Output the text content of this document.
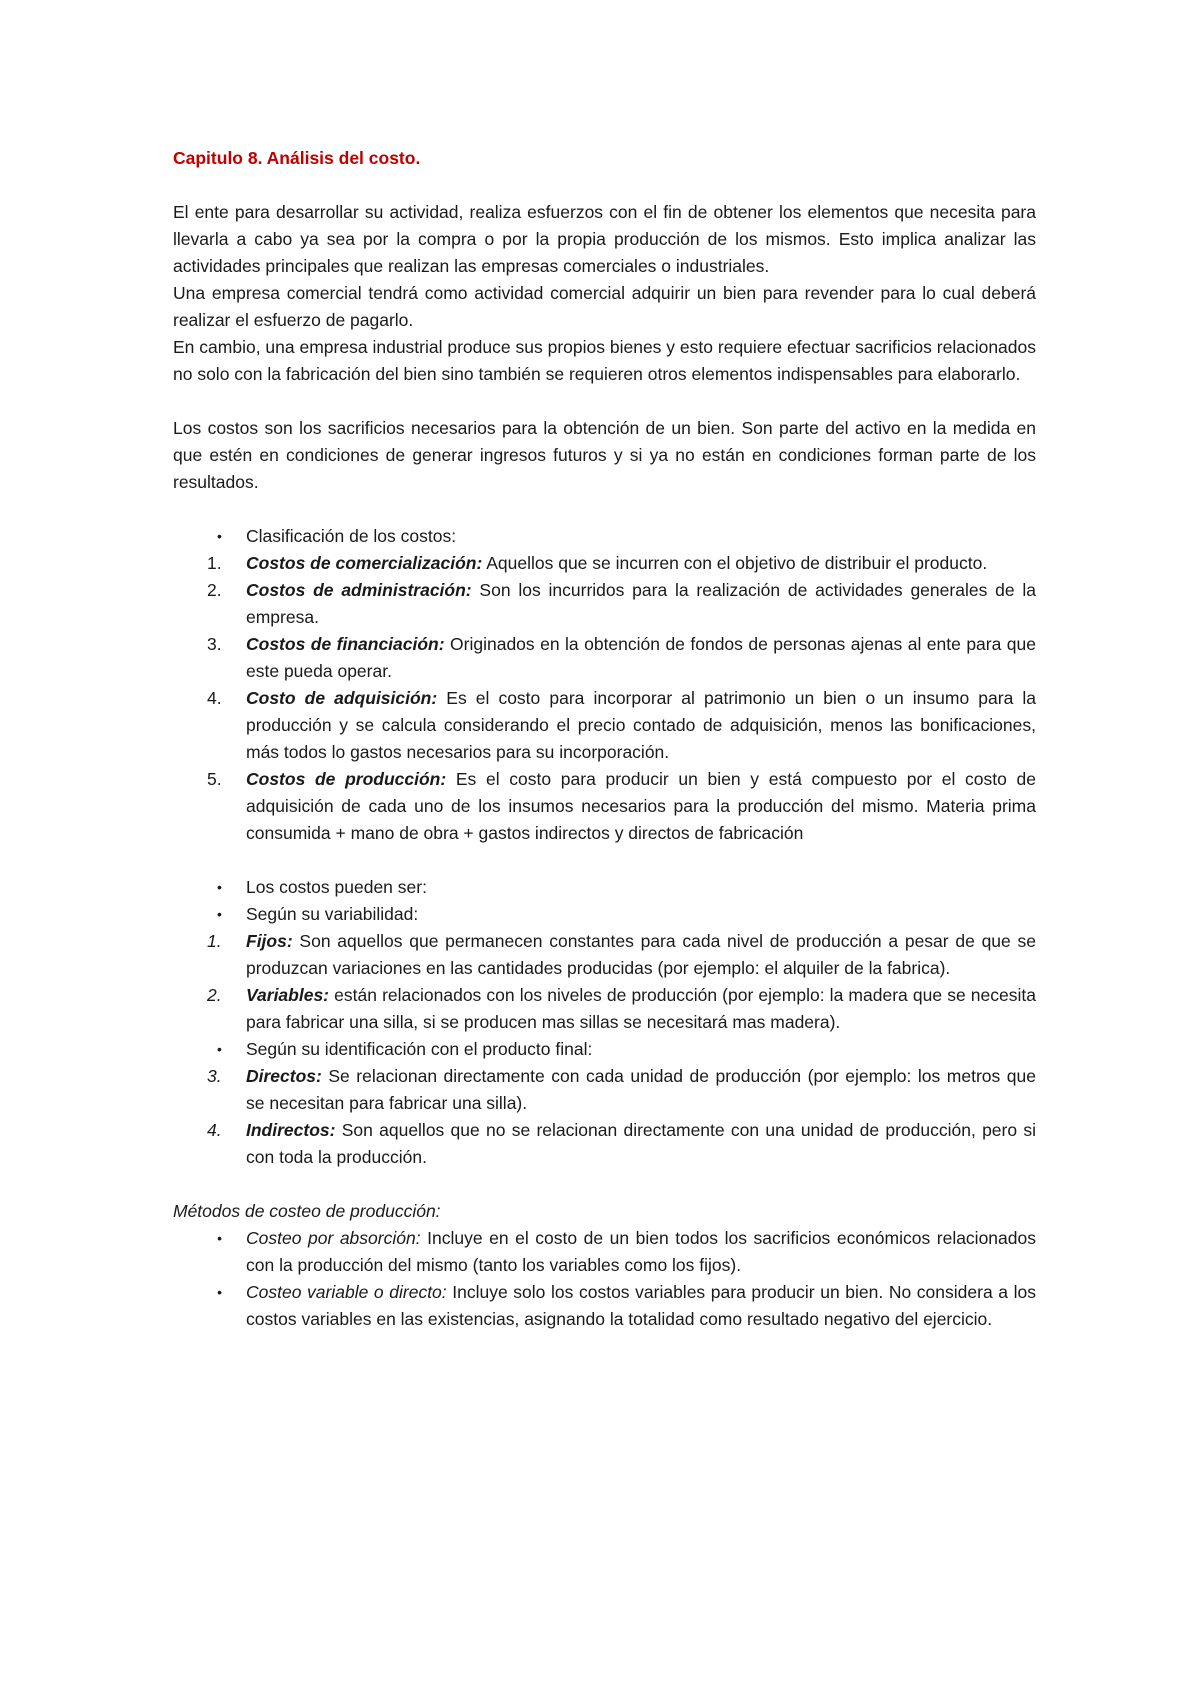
Capitulo 8. Análisis del costo.

El ente para desarrollar su actividad, realiza esfuerzos con el fin de obtener los elementos que necesita para llevarla a cabo ya sea por la compra o por la propia producción de los mismos. Esto implica analizar las actividades principales que realizan las empresas comerciales o industriales.

Una empresa comercial tendrá como actividad comercial adquirir un bien para revender para lo cual deberá realizar el esfuerzo de pagarlo.

En cambio, una empresa industrial produce sus propios bienes y esto requiere efectuar sacrificios relacionados no solo con la fabricación del bien sino también se requieren otros elementos indispensables para elaborarlo.

Los costos son los sacrificios necesarios para la obtención de un bien. Son parte del activo en la medida en que estén en condiciones de generar ingresos futuros y si ya no están en condiciones forman parte de los resultados.

• Clasificación de los costos:
1. Costos de comercialización: Aquellos que se incurren con el objetivo de distribuir el producto.
2. Costos de administración: Son los incurridos para la realización de actividades generales de la empresa.
3. Costos de financiación: Originados en la obtención de fondos de personas ajenas al ente para que este pueda operar.
4. Costo de adquisición: Es el costo para incorporar al patrimonio un bien o un insumo para la producción y se calcula considerando el precio contado de adquisición, menos las bonificaciones, más todos lo gastos necesarios para su incorporación.
5. Costos de producción: Es el costo para producir un bien y está compuesto por el costo de adquisición de cada uno de los insumos necesarios para la producción del mismo. Materia prima consumida + mano de obra + gastos indirectos y directos de fabricación
• Los costos pueden ser:
• Según su variabilidad:
1. Fijos: Son aquellos que permanecen constantes para cada nivel de producción a pesar de que se produzcan variaciones en las cantidades producidas (por ejemplo: el alquiler de la fabrica).
2. Variables: están relacionados con los niveles de producción (por ejemplo: la madera que se necesita para fabricar una silla, si se producen mas sillas se necesitará mas madera).
• Según su identificación con el producto final:
3. Directos: Se relacionan directamente con cada unidad de producción (por ejemplo: los metros que se necesitan para fabricar una silla).
4. Indirectos: Son aquellos que no se relacionan directamente con una unidad de producción, pero si con toda la producción.

Métodos de costeo de producción:

• Costeo por absorción: Incluye en el costo de un bien todos los sacrificios económicos relacionados con la producción del mismo (tanto los variables como los fijos).
• Costeo variable o directo: Incluye solo los costos variables para producir un bien. No considera a los costos variables en las existencias, asignando la totalidad como resultado negativo del ejercicio.
